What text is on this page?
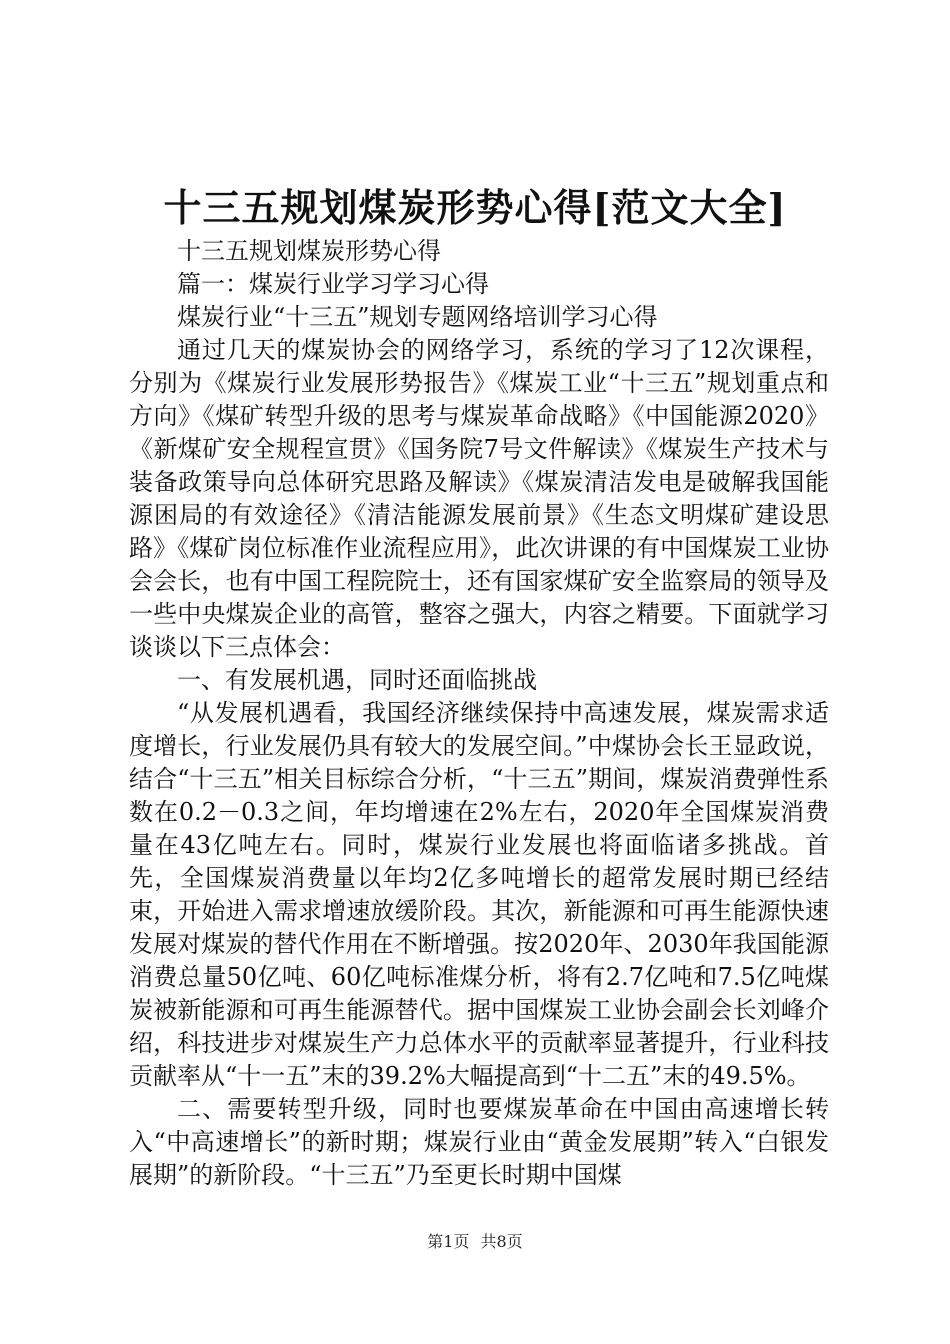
十三五规划煤炭形势心得[范文大全]

十三五规划煤炭形势心得

篇一：煤炭行业学习学习心得

煤炭行业“十三五”规划专题网络培训学习心得

通过几天的煤炭协会的网络学习，系统的学习了12次课程，分别为《煤炭行业发展形势报告》《煤炭工业“十三五”规划重点和方向》《煤矿转型升级的思考与煤炭革命战略》《中国能源2020》《新煤矿安全规程宣贯》《国务院7号文件解读》《煤炭生产技术与装备政策导向总体研究思路及解读》《煤炭清洁发电是破解我国能源困局的有效途径》《清洁能源发展前景》《生态文明煤矿建设思路》《煤矿岗位标准作业流程应用》，此次讲课的有中国煤炭工业协会会长，也有中国工程院院士，还有国家煤矿安全监察局的领导及一些中央煤炭企业的高管，整容之强大，内容之精要。下面就学习谈谈以下三点体会：

一、有发展机遇，同时还面临挑战

“从发展机遇看，我国经济继续保持中高速发展，煤炭需求适度增长，行业发展仍具有较大的发展空间。”中煤协会长王显政说，结合“十三五”相关目标综合分析，“十三五”期间，煤炭消费弹性系数在0.2－0.3之间，年均增速在2%左右，2020年全国煤炭消费量在43亿吨左右。同时，煤炭行业发展也将面临诸多挑战。首先，全国煤炭消费量以年均2亿多吨增长的超常发展时期已经结束，开始进入需求增速放缓阶段。其次，新能源和可再生能源快速发展对煤炭的替代作用在不断增强。按2020年、2030年我国能源消费总量50亿吨、60亿吨标准煤分析，将有2.7亿吨和7.5亿吨煤炭被新能源和可再生能源替代。据中国煤炭工业协会副会长刘峰介绍，科技进步对煤炭生产力总体水平的贡献率显著提升，行业科技贡献率从“十一五”末的39.2%大幅提高到“十二五”末的49.5%。

二、需要转型升级，同时也要煤炭革命在中国由高速增长转入“中高速增长”的新时期；煤炭行业由“黄金发展期”转入“白银发展期”的新阶段。“十三五”乃至更长时期中国煤

第1页 共8页
